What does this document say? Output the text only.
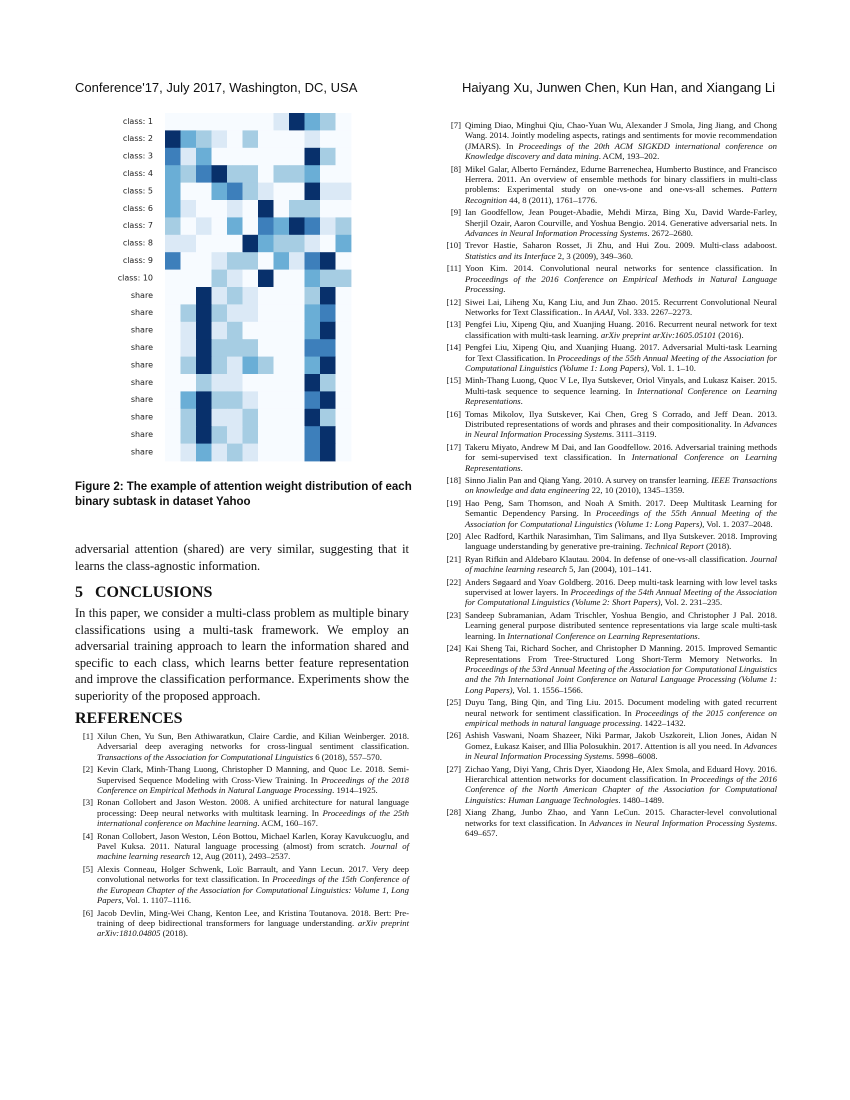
Conference'17, July 2017, Washington, DC, USA	Haiyang Xu, Junwen Chen, Kun Han, and Xiangang Li
class: 1
class: 2
class: 3
class: 4
class: 5
class: 6
class: 7
class: 8
class: 9
class: 10
share
share
share
share
share
share
share
share
share
share
Figure 2: The example of attention weight distribution of each binary subtask in dataset Yahoo

adversarial attention (shared) are very similar, suggesting that it learns the class-agnostic information.

5 CONCLUSIONS

In this paper, we consider a multi-class problem as multiple binary classifications using a multi-task framework. We employ an adversarial training approach to learn the information shared and specific to each class, which learns better feature representation and improve the classification performance. Experiments show the superiority of the proposed approach.

REFERENCES
[1] Xilun Chen, Yu Sun, Ben Athiwaratkun, Claire Cardie, and Kilian Weinberger. 2018. Adversarial deep averaging networks for cross-lingual sentiment classification. Transactions of the Association for Computational Linguistics 6 (2018), 557–570.
[2] Kevin Clark, Minh-Thang Luong, Christopher D Manning, and Quoc Le. 2018. Semi-Supervised Sequence Modeling with Cross-View Training. In Proceedings of the 2018 Conference on Empirical Methods in Natural Language Processing. 1914–1925.
[3] Ronan Collobert and Jason Weston. 2008. A unified architecture for natural language processing: Deep neural networks with multitask learning. In Proceedings of the 25th international conference on Machine learning. ACM, 160–167.
[4] Ronan Collobert, Jason Weston, Léon Bottou, Michael Karlen, Koray Kavukcuoglu, and Pavel Kuksa. 2011. Natural language processing (almost) from scratch. Journal of machine learning research 12, Aug (2011), 2493–2537.
[5] Alexis Conneau, Holger Schwenk, Loïc Barrault, and Yann Lecun. 2017. Very deep convolutional networks for text classification. In Proceedings of the 15th Conference of the European Chapter of the Association for Computational Linguistics: Volume 1, Long Papers, Vol. 1. 1107–1116.
[6] Jacob Devlin, Ming-Wei Chang, Kenton Lee, and Kristina Toutanova. 2018. Bert: Pre-training of deep bidirectional transformers for language understanding. arXiv preprint arXiv:1810.04805 (2018).
[7] Qiming Diao, Minghui Qiu, Chao-Yuan Wu, Alexander J Smola, Jing Jiang, and Chong Wang. 2014. Jointly modeling aspects, ratings and sentiments for movie recommendation (JMARS). In Proceedings of the 20th ACM SIGKDD international conference on Knowledge discovery and data mining. ACM, 193–202.
[8] Mikel Galar, Alberto Fernández, Edurne Barrenechea, Humberto Bustince, and Francisco Herrera. 2011. An overview of ensemble methods for binary classifiers in multi-class problems: Experimental study on one-vs-one and one-vs-all schemes. Pattern Recognition 44, 8 (2011), 1761–1776.
[9] Ian Goodfellow, Jean Pouget-Abadie, Mehdi Mirza, Bing Xu, David Warde-Farley, Sherjil Ozair, Aaron Courville, and Yoshua Bengio. 2014. Generative adversarial nets. In Advances in Neural Information Processing Systems. 2672–2680.
[10] Trevor Hastie, Saharon Rosset, Ji Zhu, and Hui Zou. 2009. Multi-class adaboost. Statistics and its Interface 2, 3 (2009), 349–360.
[11] Yoon Kim. 2014. Convolutional neural networks for sentence classification. In Proceedings of the 2016 Conference on Empirical Methods in Natural Language Processing.
[12] Siwei Lai, Liheng Xu, Kang Liu, and Jun Zhao. 2015. Recurrent Convolutional Neural Networks for Text Classification.. In AAAI, Vol. 333. 2267–2273.
[13] Pengfei Liu, Xipeng Qiu, and Xuanjing Huang. 2016. Recurrent neural network for text classification with multi-task learning. arXiv preprint arXiv:1605.05101 (2016).
[14] Pengfei Liu, Xipeng Qiu, and Xuanjing Huang. 2017. Adversarial Multi-task Learning for Text Classification. In Proceedings of the 55th Annual Meeting of the Association for Computational Linguistics (Volume 1: Long Papers), Vol. 1. 1–10.
[15] Minh-Thang Luong, Quoc V Le, Ilya Sutskever, Oriol Vinyals, and Lukasz Kaiser. 2015. Multi-task sequence to sequence learning. In International Conference on Learning Representations.
[16] Tomas Mikolov, Ilya Sutskever, Kai Chen, Greg S Corrado, and Jeff Dean. 2013. Distributed representations of words and phrases and their compositionality. In Advances in Neural Information Processing Systems. 3111–3119.
[17] Takeru Miyato, Andrew M Dai, and Ian Goodfellow. 2016. Adversarial training methods for semi-supervised text classification. In International Conference on Learning Representations.
[18] Sinno Jialin Pan and Qiang Yang. 2010. A survey on transfer learning. IEEE Transactions on knowledge and data engineering 22, 10 (2010), 1345–1359.
[19] Hao Peng, Sam Thomson, and Noah A Smith. 2017. Deep Multitask Learning for Semantic Dependency Parsing. In Proceedings of the 55th Annual Meeting of the Association for Computational Linguistics (Volume 1: Long Papers), Vol. 1. 2037–2048.
[20] Alec Radford, Karthik Narasimhan, Tim Salimans, and Ilya Sutskever. 2018. Improving language understanding by generative pre-training. Technical Report (2018).
[21] Ryan Rifkin and Aldebaro Klautau. 2004. In defense of one-vs-all classification. Journal of machine learning research 5, Jan (2004), 101–141.
[22] Anders Søgaard and Yoav Goldberg. 2016. Deep multi-task learning with low level tasks supervised at lower layers. In Proceedings of the 54th Annual Meeting of the Association for Computational Linguistics (Volume 2: Short Papers), Vol. 2. 231–235.
[23] Sandeep Subramanian, Adam Trischler, Yoshua Bengio, and Christopher J Pal. 2018. Learning general purpose distributed sentence representations via large scale multi-task learning. In International Conference on Learning Representations.
[24] Kai Sheng Tai, Richard Socher, and Christopher D Manning. 2015. Improved Semantic Representations From Tree-Structured Long Short-Term Memory Networks. In Proceedings of the 53rd Annual Meeting of the Association for Computational Linguistics and the 7th International Joint Conference on Natural Language Processing (Volume 1: Long Papers), Vol. 1. 1556–1566.
[25] Duyu Tang, Bing Qin, and Ting Liu. 2015. Document modeling with gated recurrent neural network for sentiment classification. In Proceedings of the 2015 conference on empirical methods in natural language processing. 1422–1432.
[26] Ashish Vaswani, Noam Shazeer, Niki Parmar, Jakob Uszkoreit, Llion Jones, Aidan N Gomez, Łukasz Kaiser, and Illia Polosukhin. 2017. Attention is all you need. In Advances in Neural Information Processing Systems. 5998–6008.
[27] Zichao Yang, Diyi Yang, Chris Dyer, Xiaodong He, Alex Smola, and Eduard Hovy. 2016. Hierarchical attention networks for document classification. In Proceedings of the 2016 Conference of the North American Chapter of the Association for Computational Linguistics: Human Language Technologies. 1480–1489.
[28] Xiang Zhang, Junbo Zhao, and Yann LeCun. 2015. Character-level convolutional networks for text classification. In Advances in Neural Information Processing Systems. 649–657.
